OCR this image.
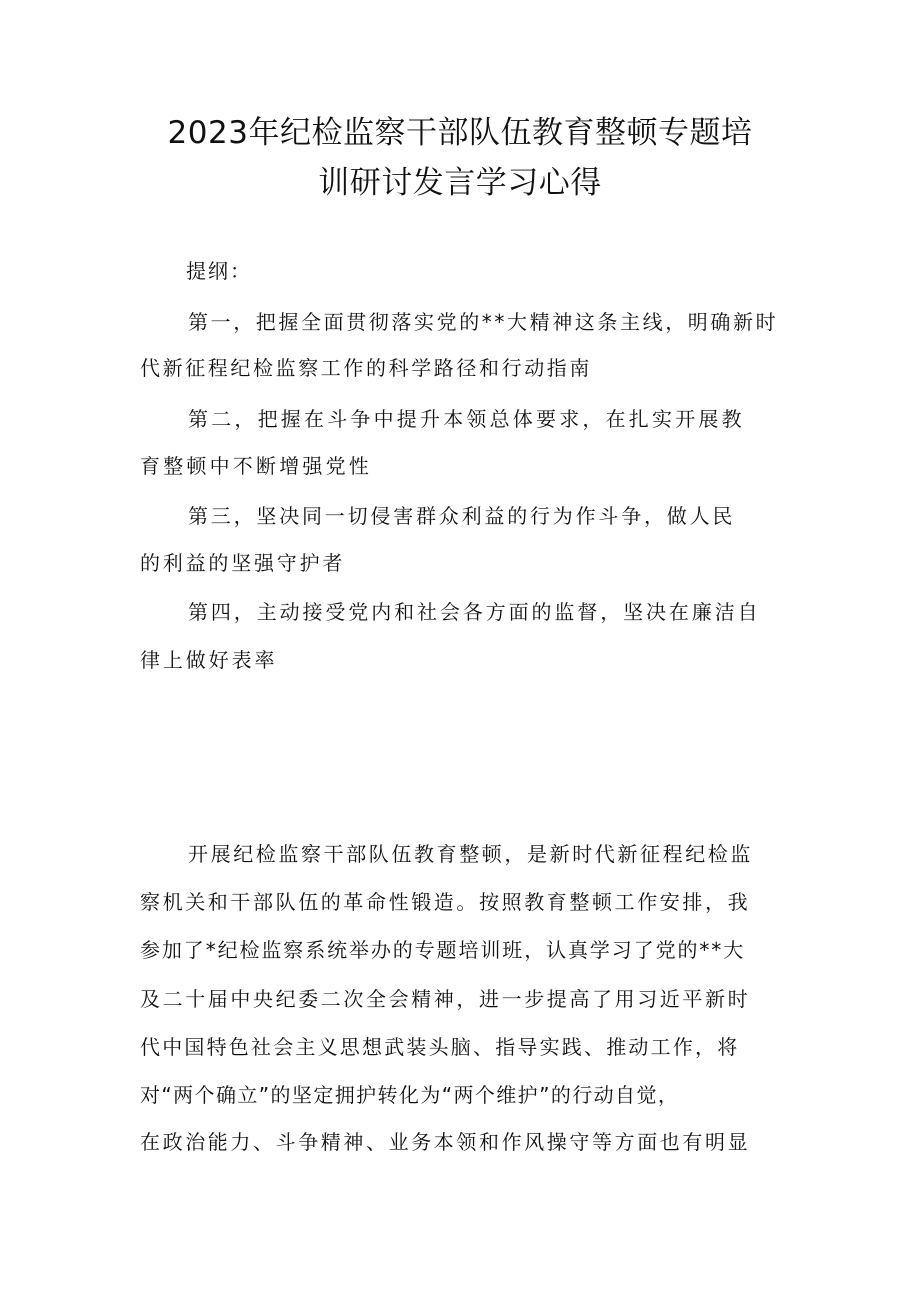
2023年纪检监察干部队伍教育整顿专题培
训研讨发言学习心得

提纲：

第一，把握全面贯彻落实党的**大精神这条主线，明确新时

代新征程纪检监察工作的科学路径和行动指南

第二，把握在斗争中提升本领总体要求，在扎实开展教

育整顿中不断增强党性

第三，坚决同一切侵害群众利益的行为作斗争，做人民

的利益的坚强守护者

第四，主动接受党内和社会各方面的监督，坚决在廉洁自

律上做好表率

开展纪检监察干部队伍教育整顿，是新时代新征程纪检监

察机关和干部队伍的革命性锻造。按照教育整顿工作安排，我

参加了*纪检监察系统举办的专题培训班，认真学习了党的**大

及二十届中央纪委二次全会精神，进一步提高了用习近平新时

代中国特色社会主义思想武装头脑、指导实践、推动工作，将

对“两个确立”的坚定拥护转化为“两个维护”的行动自觉，

在政治能力、斗争精神、业务本领和作风操守等方面也有明显
